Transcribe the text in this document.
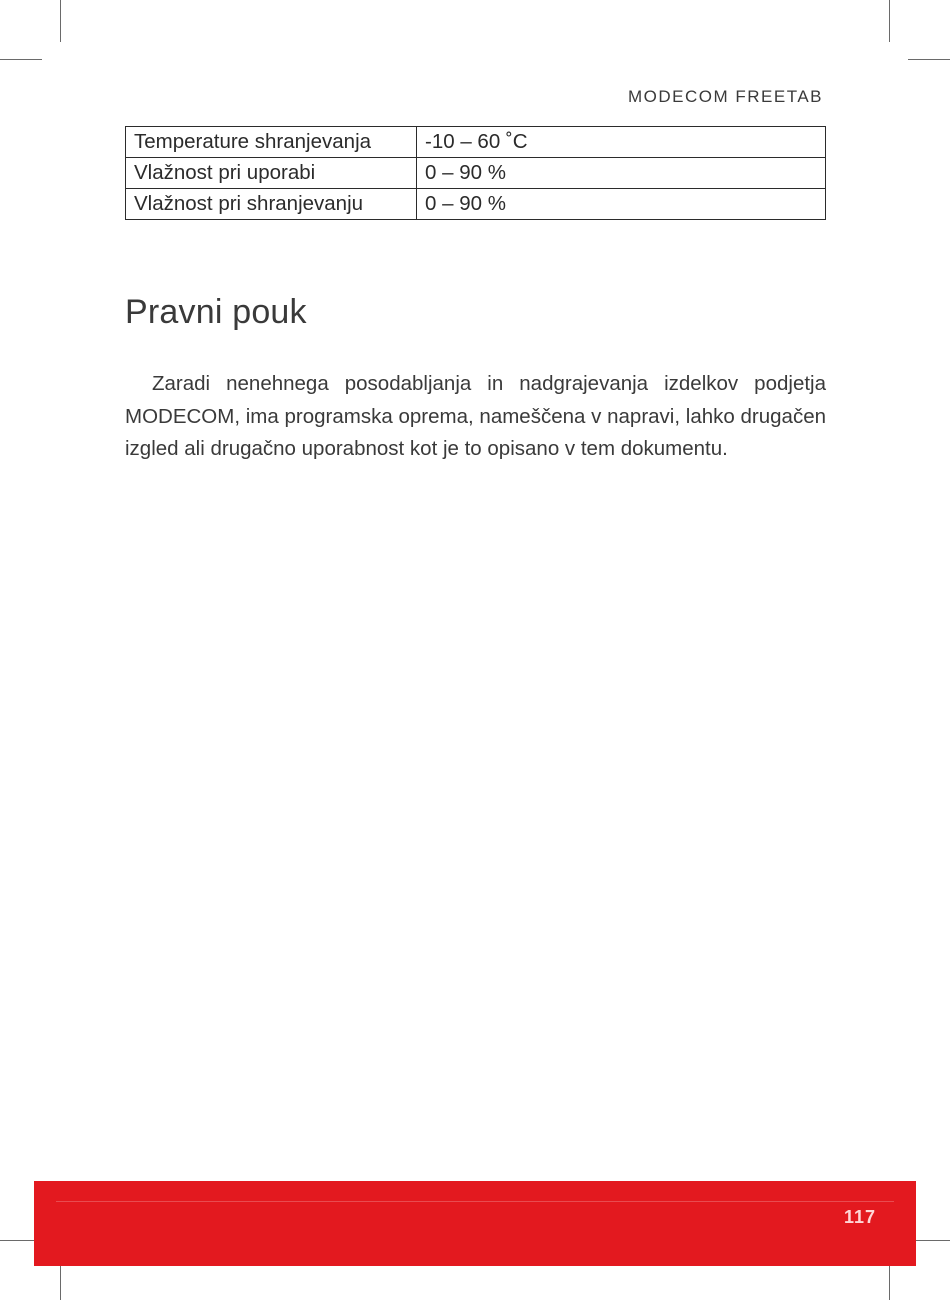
MODECOM FREETAB
Temperature shranjevanja	-10 – 60 ˚C
Vlažnost pri uporabi	0 – 90 %
Vlažnost pri shranjevanju	0 – 90 %
Pravni pouk

Zaradi nenehnega posodabljanja in nadgrajevanja izdelkov podjetja MODECOM, ima programska oprema, nameščena v napravi, lahko drugačen izgled ali drugačno uporabnost kot je to opisano v tem dokumentu.

117
